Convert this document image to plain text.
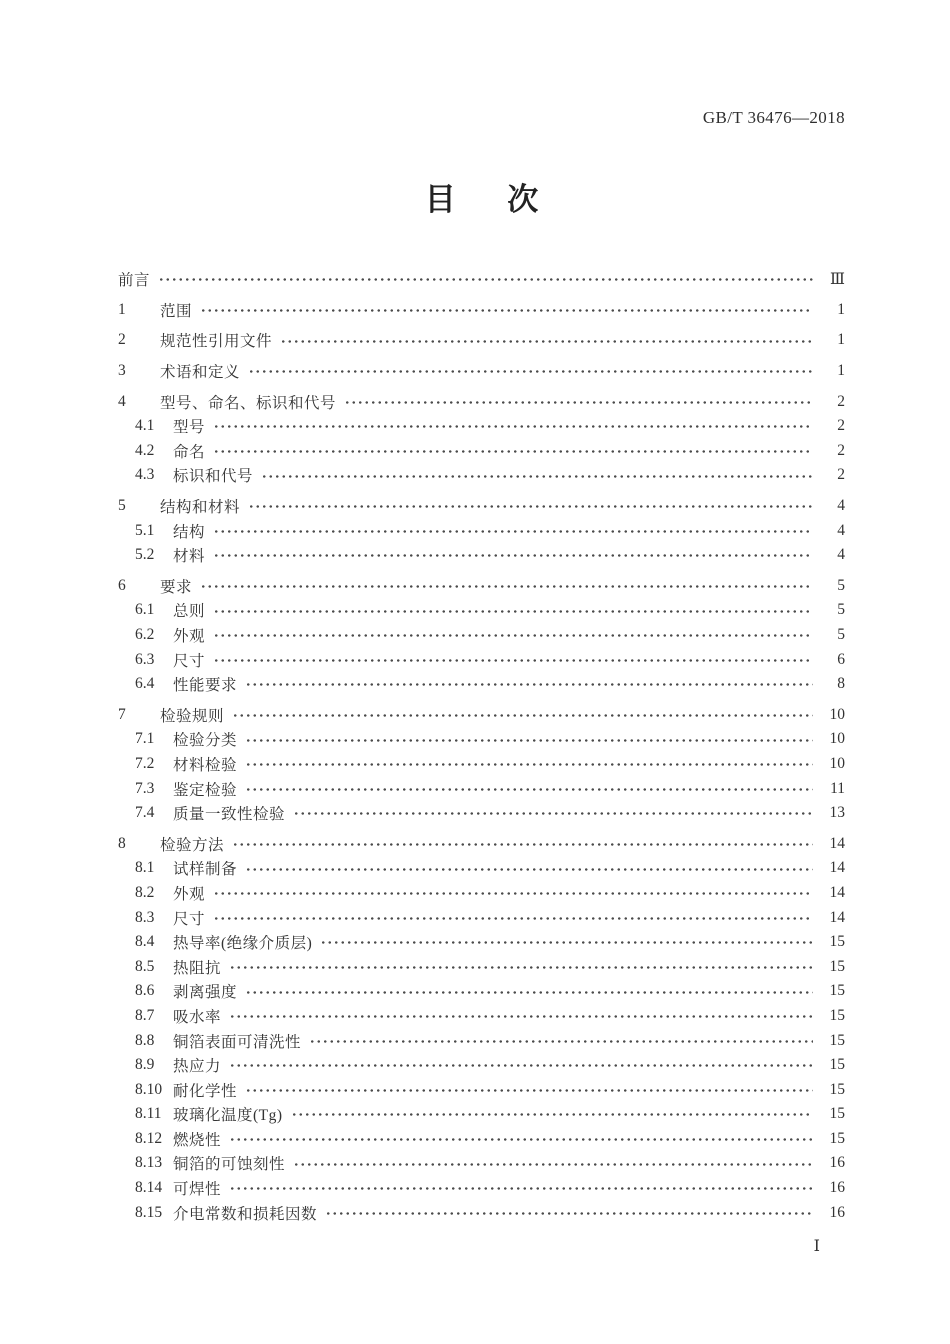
GB/T 36476—2018
目　次
前言	Ⅲ
1	范围	1
2	规范性引用文件	1
3	术语和定义	1
4	型号、命名、标识和代号	2
4.1	型号	2
4.2	命名	2
4.3	标识和代号	2
5	结构和材料	4
5.1	结构	4
5.2	材料	4
6	要求	5
6.1	总则	5
6.2	外观	5
6.3	尺寸	6
6.4	性能要求	8
7	检验规则	10
7.1	检验分类	10
7.2	材料检验	10
7.3	鉴定检验	11
7.4	质量一致性检验	13
8	检验方法	14
8.1	试样制备	14
8.2	外观	14
8.3	尺寸	14
8.4	热导率(绝缘介质层)	15
8.5	热阻抗	15
8.6	剥离强度	15
8.7	吸水率	15
8.8	铜箔表面可清洗性	15
8.9	热应力	15
8.10 耐化学性	15
8.11 玻璃化温度(Tg)	15
8.12 燃烧性	15
8.13 铜箔的可蚀刻性	16
8.14 可焊性	16
8.15 介电常数和损耗因数	16
Ⅰ
